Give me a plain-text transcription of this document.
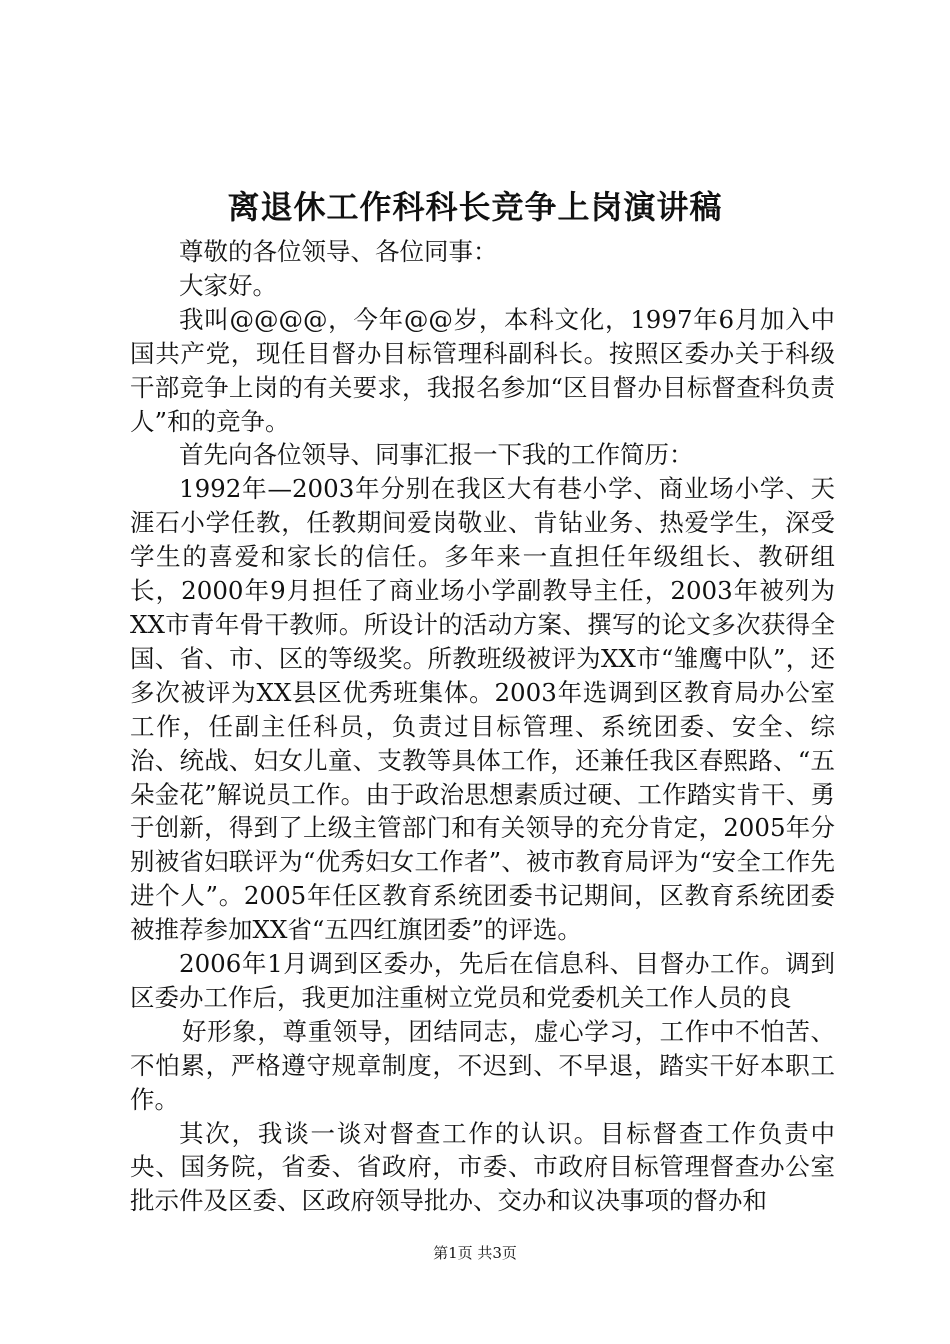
离退休工作科科长竞争上岗演讲稿

尊敬的各位领导、各位同事：

大家好。

我叫@@@@，今年@@岁，本科文化，1997年6月加入中国共产党，现任目督办目标管理科副科长。按照区委办关于科级干部竞争上岗的有关要求，我报名参加“区目督办目标督查科负责人”和的竞争。

首先向各位领导、同事汇报一下我的工作简历：

1992年—2003年分别在我区大有巷小学、商业场小学、天涯石小学任教，任教期间爱岗敬业、肯钻业务、热爱学生，深受学生的喜爱和家长的信任。多年来一直担任年级组长、教研组长，2000年9月担任了商业场小学副教导主任，2003年被列为XX市青年骨干教师。所设计的活动方案、撰写的论文多次获得全国、省、市、区的等级奖。所教班级被评为XX市“雏鹰中队”，还多次被评为XX县区优秀班集体。2003年选调到区教育局办公室工作，任副主任科员，负责过目标管理、系统团委、安全、综治、统战、妇女儿童、支教等具体工作，还兼任我区春熙路、“五朵金花”解说员工作。由于政治思想素质过硬、工作踏实肯干、勇于创新，得到了上级主管部门和有关领导的充分肯定，2005年分别被省妇联评为“优秀妇女工作者”、被市教育局评为“安全工作先进个人”。2005年任区教育系统团委书记期间，区教育系统团委被推荐参加XX省“五四红旗团委”的评选。

2006年1月调到区委办，先后在信息科、目督办工作。调到区委办工作后，我更加注重树立党员和党委机关工作人员的良

好形象，尊重领导，团结同志，虚心学习，工作中不怕苦、不怕累，严格遵守规章制度，不迟到、不早退，踏实干好本职工作。

其次，我谈一谈对督查工作的认识。目标督查工作负责中央、国务院，省委、省政府，市委、市政府目标管理督查办公室批示件及区委、区政府领导批办、交办和议决事项的督办和

第1页 共3页
